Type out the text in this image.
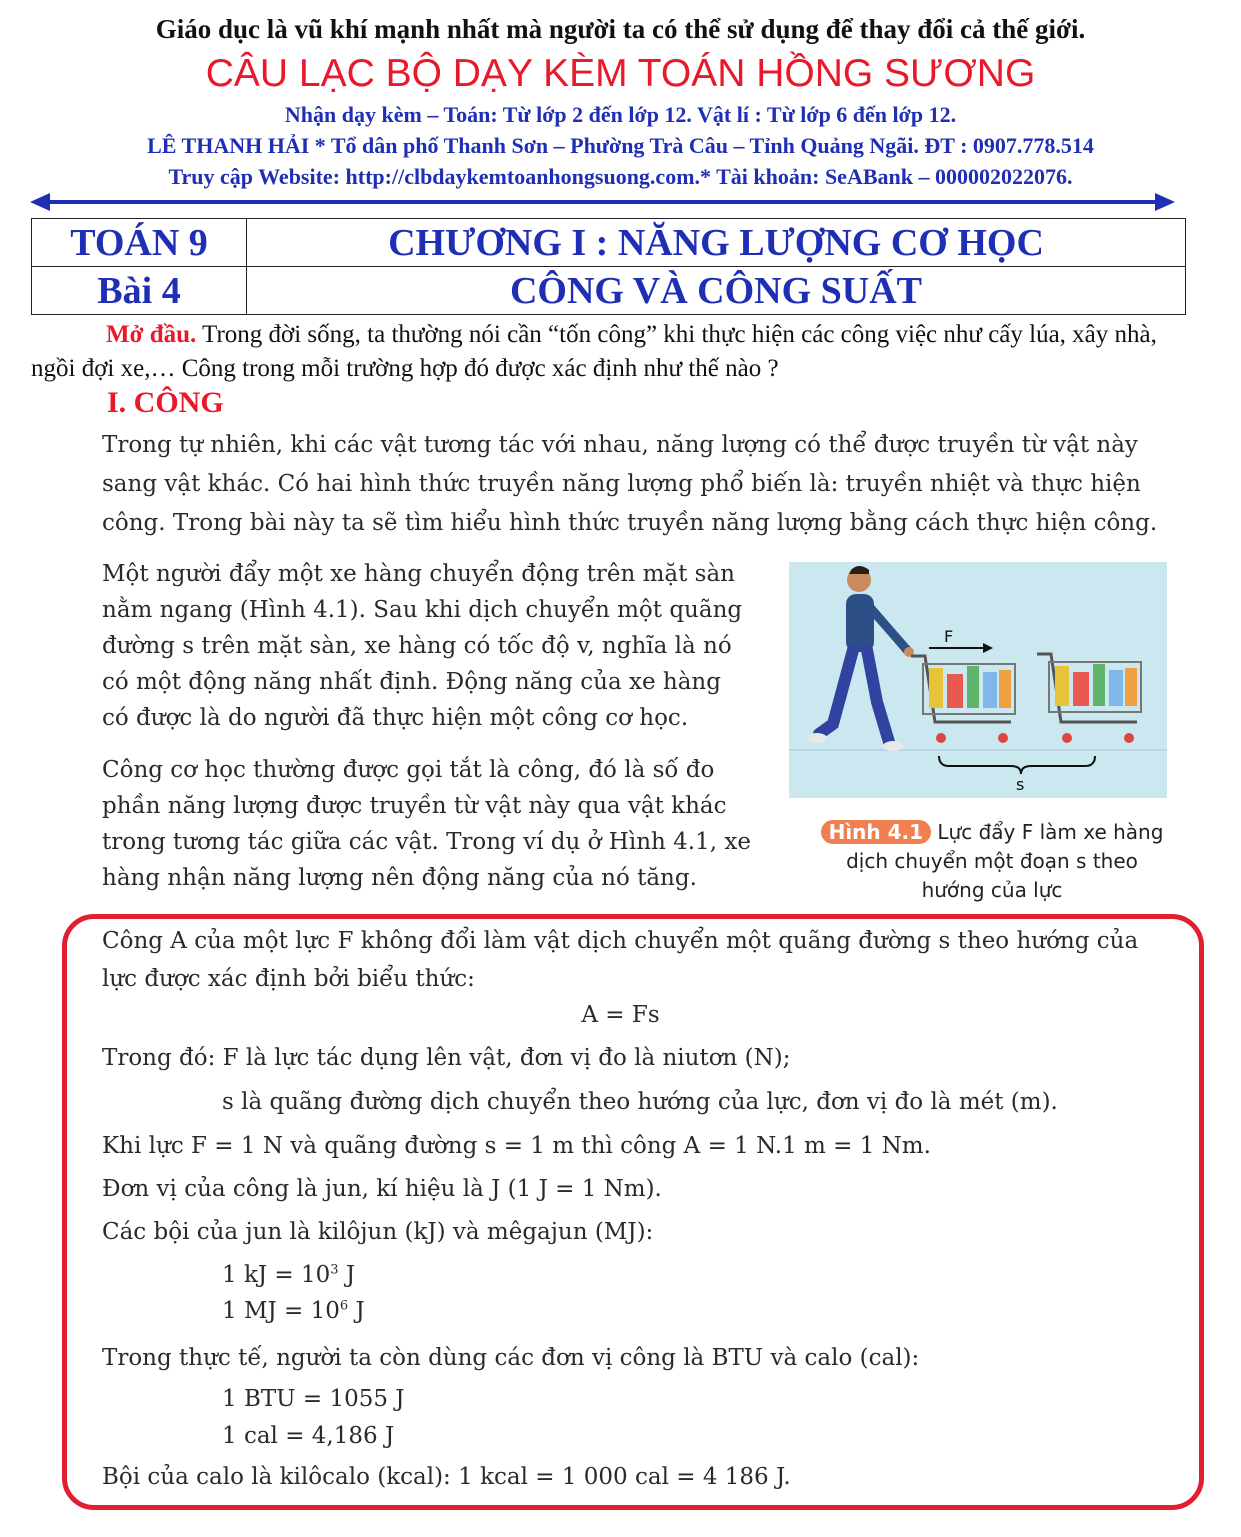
Giáo dục là vũ khí mạnh nhất mà người ta có thể sử dụng để thay đổi cả thế giới.
CÂU LẠC BỘ DẠY KÈM TOÁN HỒNG SƯƠNG
Nhận dạy kèm – Toán: Từ lớp 2 đến lớp 12. Vật lí : Từ lớp 6 đến lớp 12.
LÊ THANH HẢI * Tổ dân phố Thanh Sơn – Phường Trà Câu – Tỉnh Quảng Ngãi. ĐT : 0907.778.514
Truy cập Website: http://clbdaykemtoanhongsuong.com.* Tài khoản: SeABank – 000002022076.
TOÁN 9	CHƯƠNG I : NĂNG LƯỢNG CƠ HỌC
Bài 4	CÔNG VÀ CÔNG SUẤT
Mở đầu. Trong đời sống, ta thường nói cần “tốn công” khi thực hiện các công việc như cấy lúa, xây nhà, ngồi đợi xe,… Công trong mỗi trường hợp đó được xác định như thế nào ?
I. CÔNG
Trong tự nhiên, khi các vật tương tác với nhau, năng lượng có thể được truyền từ vật này sang vật khác. Có hai hình thức truyền năng lượng phổ biến là: truyền nhiệt và thực hiện công. Trong bài này ta sẽ tìm hiểu hình thức truyền năng lượng bằng cách thực hiện công.
Một người đẩy một xe hàng chuyển động trên mặt sàn nằm ngang (Hình 4.1). Sau khi dịch chuyển một quãng đường s trên mặt sàn, xe hàng có tốc độ v, nghĩa là nó có một động năng nhất định. Động năng của xe hàng có được là do người đã thực hiện một công cơ học.
Công cơ học thường được gọi tắt là công, đó là số đo phần năng lượng được truyền từ vật này qua vật khác trong tương tác giữa các vật. Trong ví dụ ở Hình 4.1, xe hàng nhận năng lượng nên động năng của nó tăng.
F
s
Hình 4.1 Lực đẩy F làm xe hàng dịch chuyển một đoạn s theo hướng của lực
Công A của một lực F không đổi làm vật dịch chuyển một quãng đường s theo hướng của
lực được xác định bởi biểu thức:
A = Fs
Trong đó: F là lực tác dụng lên vật, đơn vị đo là niutơn (N);
s là quãng đường dịch chuyển theo hướng của lực, đơn vị đo là mét (m).
Khi lực F = 1 N và quãng đường s = 1 m thì công A = 1 N.1 m = 1 Nm.
Đơn vị của công là jun, kí hiệu là J (1 J = 1 Nm).
Các bội của jun là kilôjun (kJ) và mêgajun (MJ):
1 kJ = $10^3$ J
1 MJ = $10^6$ J
Trong thực tế, người ta còn dùng các đơn vị công là BTU và calo (cal):
1 BTU = 1055 J
1 cal = 4,186 J
Bội của calo là kilôcalo (kcal): 1 kcal = 1 000 cal = 4 186 J.
